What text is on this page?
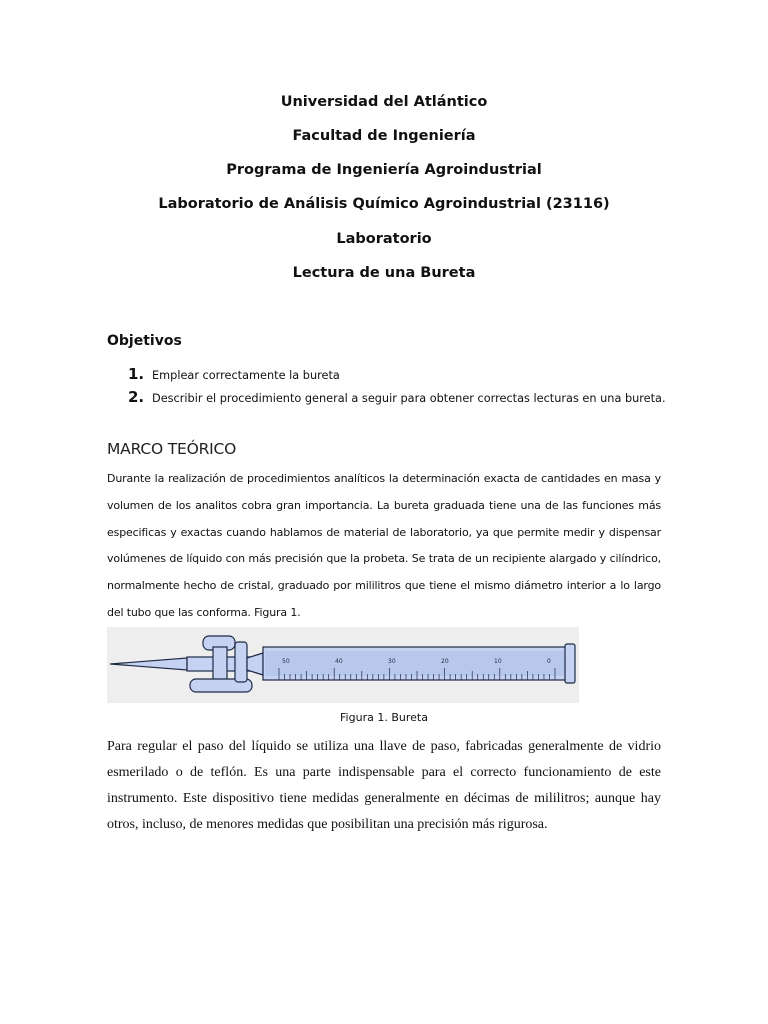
Universidad del Atlántico
Facultad de Ingeniería
Programa de Ingeniería Agroindustrial
Laboratorio de Análisis Químico Agroindustrial (23116)
Laboratorio
Lectura de una Bureta
Objetivos
1. Emplear correctamente la bureta
2. Describir el procedimiento general a seguir para obtener correctas lecturas en una bureta.
MARCO TEÓRICO
Durante la realización de procedimientos analíticos la determinación exacta de cantidades en masa y volumen de los analitos cobra gran importancia. La bureta graduada tiene una de las funciones más especificas y exactas cuando hablamos de material de laboratorio, ya que permite medir y dispensar volúmenes de líquido con más precisión que la probeta. Se trata de un recipiente alargado y cilíndrico, normalmente hecho de cristal, graduado por mililitros que tiene el mismo diámetro interior a lo largo del tubo que las conforma. Figura 1.
50	40	30	20	10	0
Figura 1. Bureta
Para regular el paso del líquido se utiliza una llave de paso, fabricadas generalmente de vidrio esmerilado o de teflón. Es una parte indispensable para el correcto funcionamiento de este instrumento. Este dispositivo tiene medidas generalmente en décimas de mililitros; aunque hay otros, incluso, de menores medidas que posibilitan una precisión más rigurosa.
